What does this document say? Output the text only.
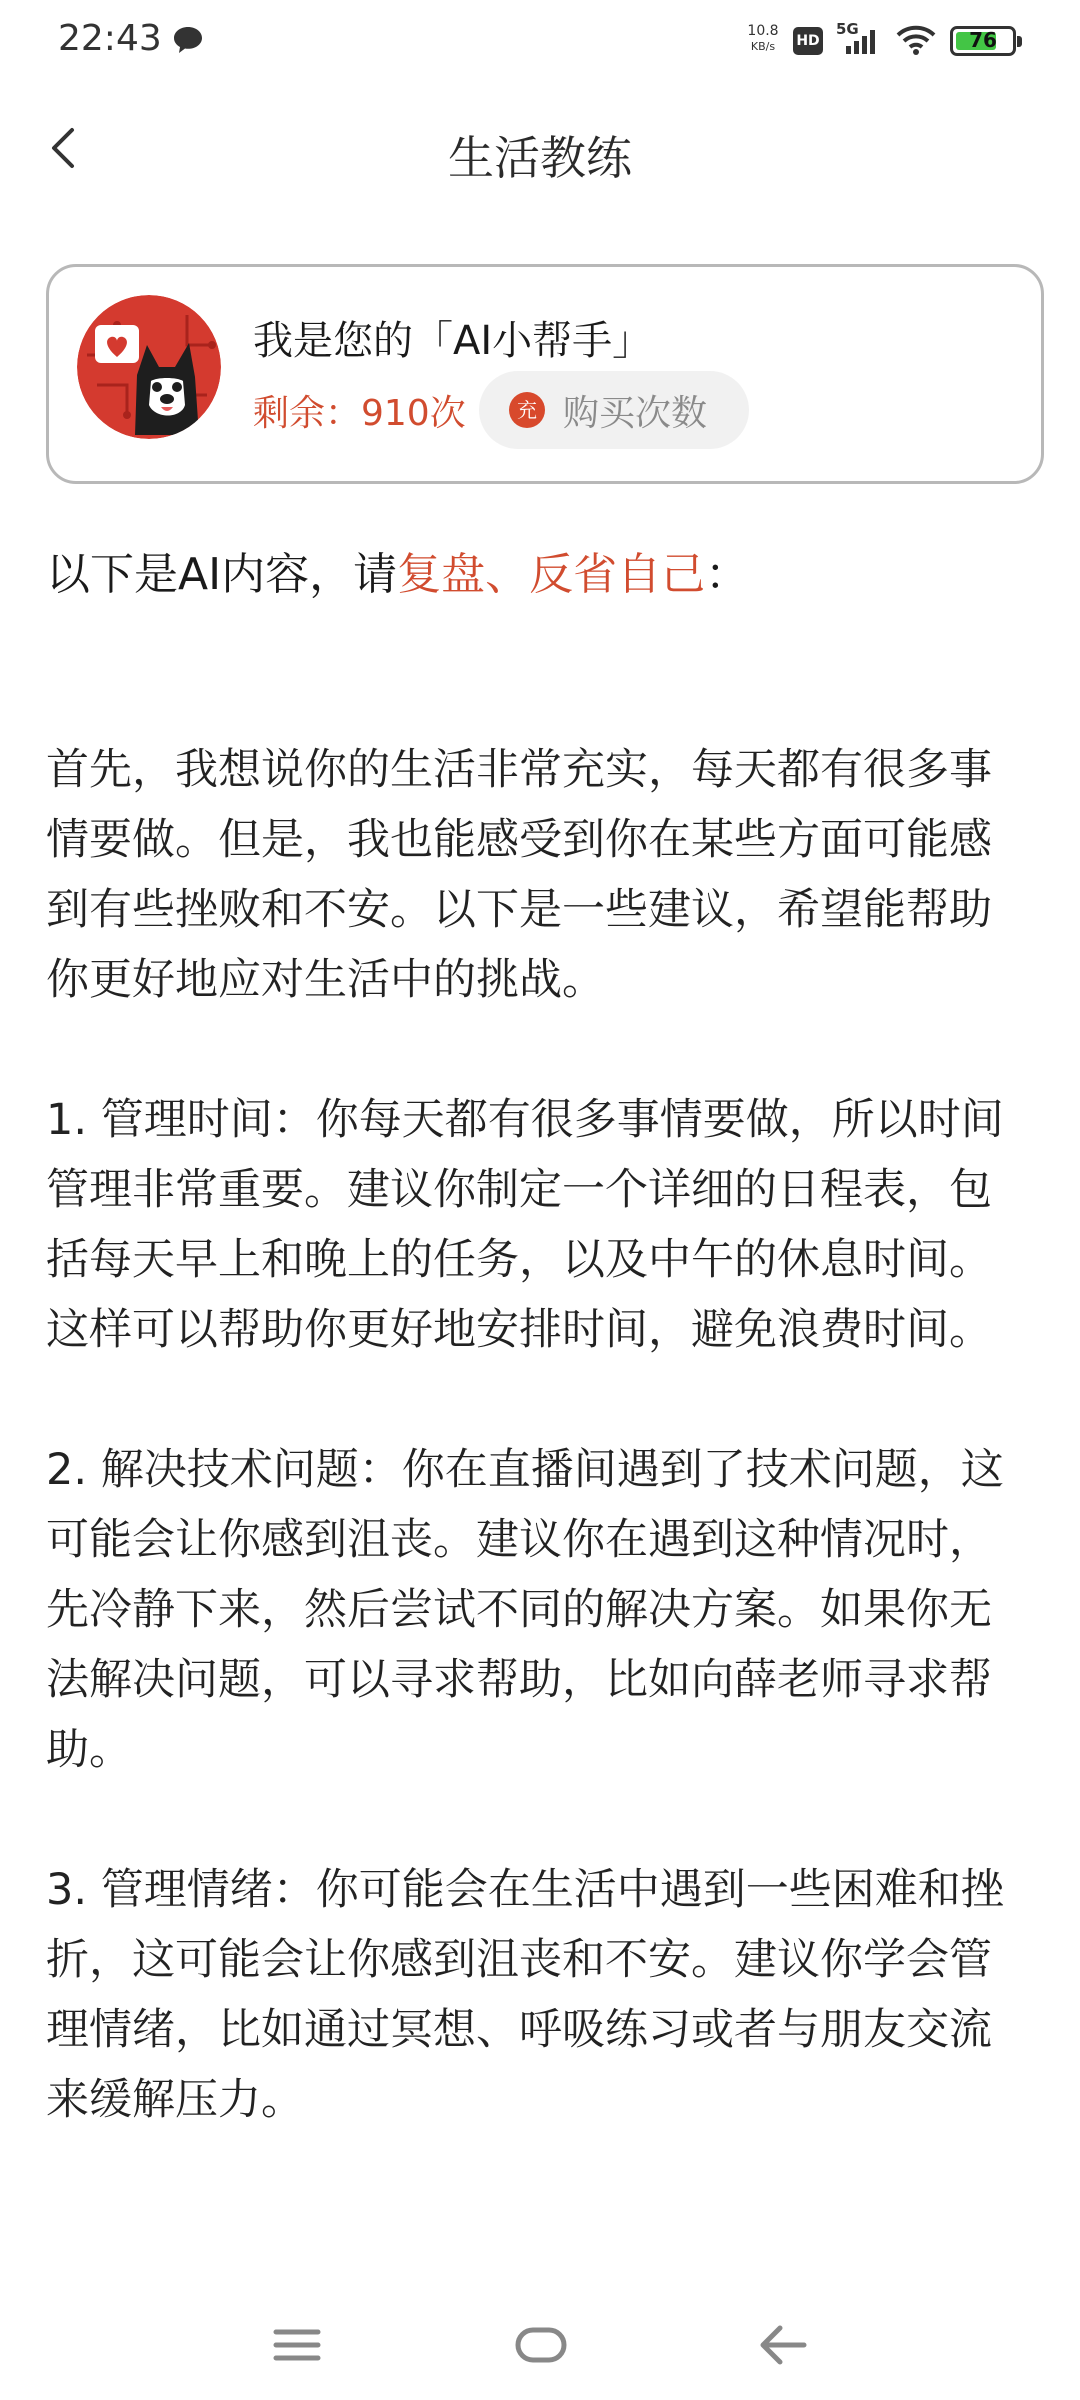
22:43	10.8
KB/s	HD
5G	76
生活教练
我是您的「AI小帮手」
剩余：910次	充 购买次数
以下是AI内容，请复盘、反省自己：

首先，我想说你的生活非常充实，每天都有很多事情要做。但是，我也能感受到你在某些方面可能感到有些挫败和不安。以下是一些建议，希望能帮助你更好地应对生活中的挑战。

1. 管理时间：你每天都有很多事情要做，所以时间管理非常重要。建议你制定一个详细的日程表，包括每天早上和晚上的任务，以及中午的休息时间。这样可以帮助你更好地安排时间，避免浪费时间。

2. 解决技术问题：你在直播间遇到了技术问题，这可能会让你感到沮丧。建议你在遇到这种情况时，先冷静下来，然后尝试不同的解决方案。如果你无法解决问题，可以寻求帮助，比如向薛老师寻求帮助。

3. 管理情绪：你可能会在生活中遇到一些困难和挫折，这可能会让你感到沮丧和不安。建议你学会管理情绪，比如通过冥想、呼吸练习或者与朋友交流来缓解压力。
